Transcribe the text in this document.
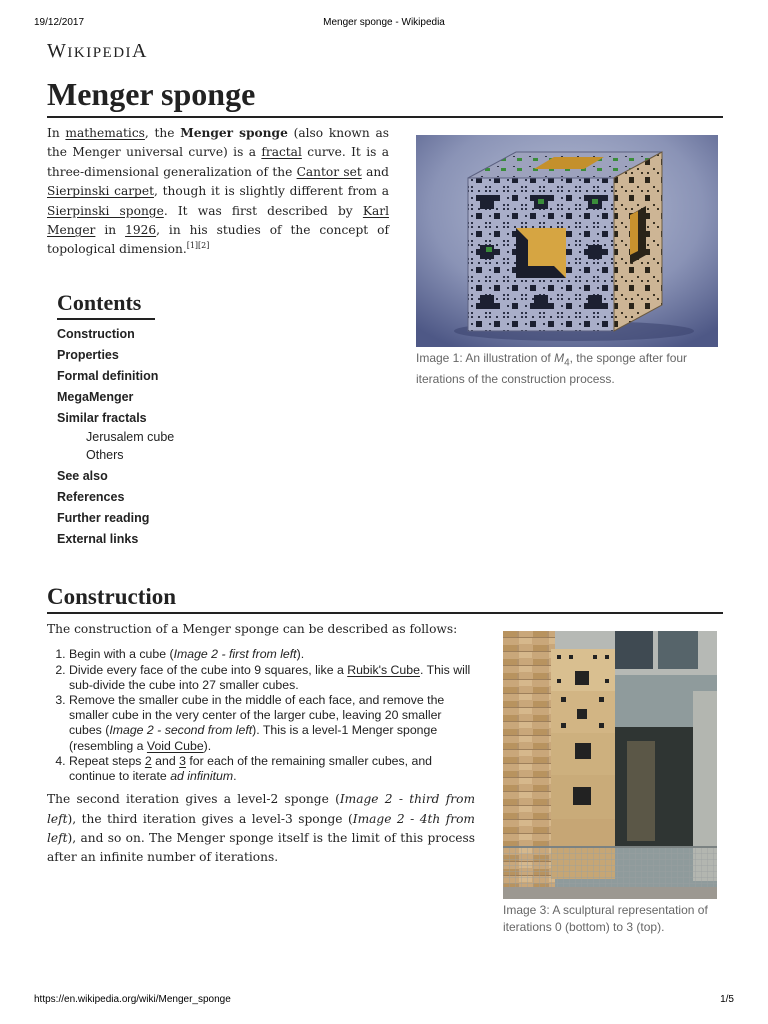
19/12/2017	Menger sponge - Wikipedia
https://en.wikipedia.org/wiki/Menger_sponge	1/5
WIKIPEDIA
Menger sponge

In mathematics, the Menger sponge (also known as the Menger universal curve) is a fractal curve. It is a three-dimensional generalization of the Cantor set and Sierpinski carpet, though it is slightly different from a Sierpinski sponge. It was first described by Karl Menger in 1926, in his studies of the concept of topological dimension.[1][2]

Image 1: An illustration of $M_4$, the sponge after four iterations of the construction process.
Contents
Construction
Properties
Formal definition
MegaMenger
Similar fractals
Jerusalem cube
Others
See also
References
Further reading
External links
Construction

The construction of a Menger sponge can be described as follows:

1. Begin with a cube (Image 2 - first from left).
2. Divide every face of the cube into 9 squares, like a Rubik's Cube. This will sub-divide the cube into 27 smaller cubes.
3. Remove the smaller cube in the middle of each face, and remove the smaller cube in the very center of the larger cube, leaving 20 smaller cubes (Image 2 - second from left). This is a level-1 Menger sponge (resembling a Void Cube).
4. Repeat steps 2 and 3 for each of the remaining smaller cubes, and continue to iterate ad infinitum.

The second iteration gives a level-2 sponge (Image 2 - third from left), the third iteration gives a level-3 sponge (Image 2 - 4th from left), and so on. The Menger sponge itself is the limit of this process after an infinite number of iterations.

Image 3: A sculptural representation of iterations 0 (bottom) to 3 (top).
